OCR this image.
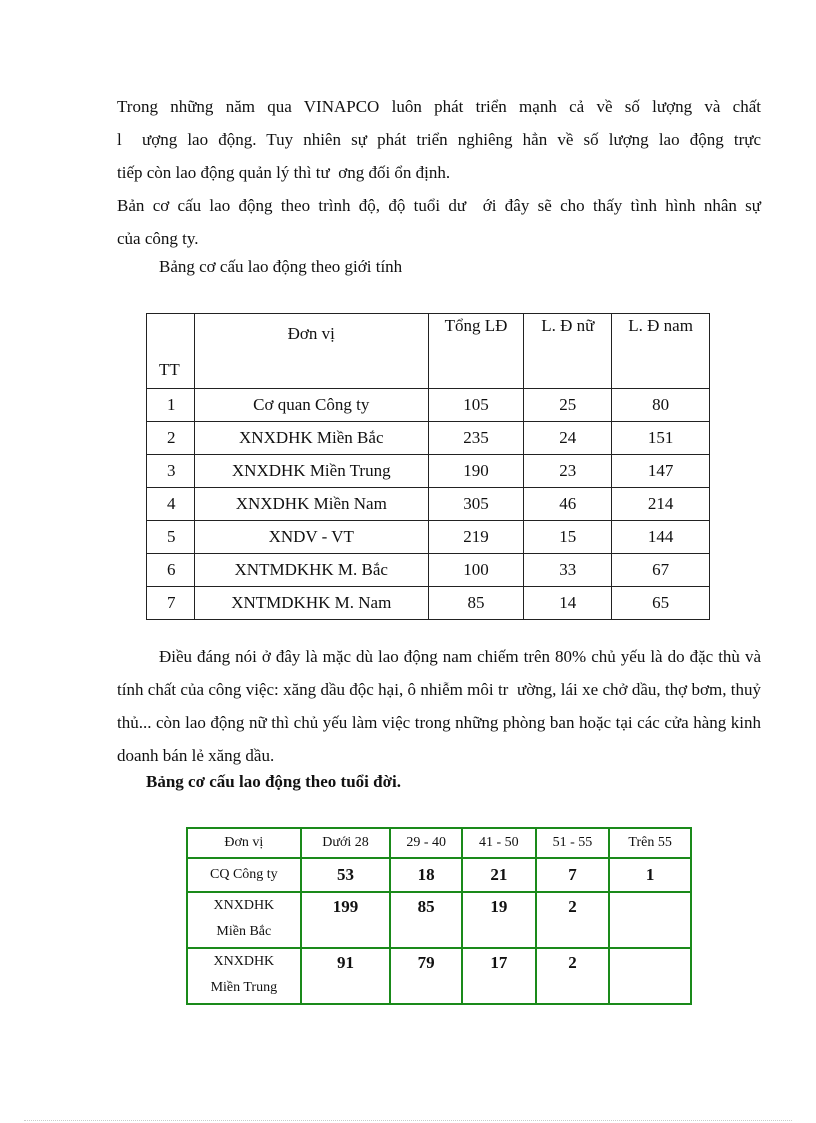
Trong những năm qua VINAPCO luôn phát triển mạnh cả về số lượng và chất
l  ượng lao động. Tuy nhiên sự phát triển nghiêng hẳn về số lượng lao động trực
tiếp còn lao động quản lý thì tư  ơng đối ổn định.
Bản cơ cấu lao động theo trình độ, độ tuổi dư  ới đây sẽ cho thấy tình hình nhân sự
của công ty.

Bảng cơ cấu lao động theo giới tính

TT	Đơn vị	Tổng LĐ	L. Đ nữ	L. Đ nam
1	Cơ quan Công ty	105	25	80
2	XNXDHK Miền Bắc	235	24	151
3	XNXDHK Miền Trung	190	23	147
4	XNXDHK Miền Nam	305	46	214
5	XNDV - VT	219	15	144
6	XNTMDKHK M. Bắc	100	33	67
7	XNTMDKHK M. Nam	85	14	65

Điều đáng nói ở đây là mặc dù lao động nam chiếm trên 80% chủ yếu là do đặc thù và tính chất của công việc: xăng dầu độc hại, ô nhiễm môi tr  ường, lái xe chở dầu, thợ bơm, thuỷ thủ... còn lao động nữ thì chủ yếu làm việc trong những phòng ban hoặc tại các cửa hàng kinh doanh bán lẻ xăng dầu.

Bảng cơ cấu lao động theo tuổi đời.

Đơn vị	Dưới 28	29 - 40	41 - 50	51 - 55	Trên 55
CQ Công ty	53	18	21	7	1

XNXDHK
Miền Bắc	199	85	19	2	

XNXDHK
Miền Trung	91	79	17	2	
